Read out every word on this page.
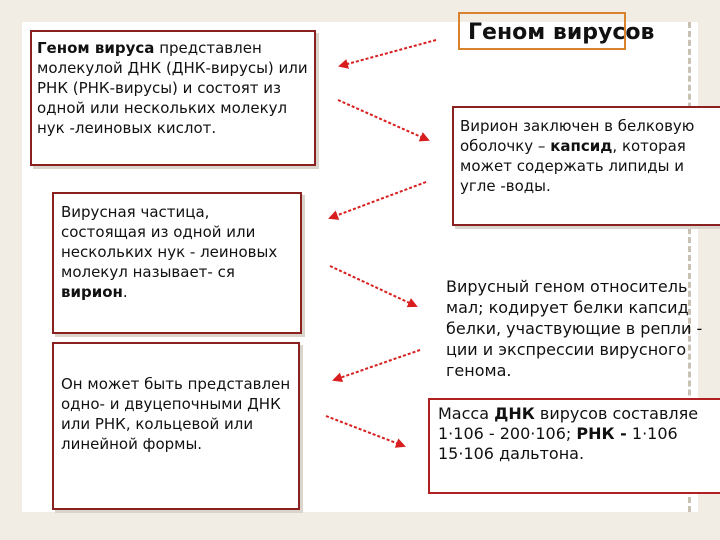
Геном вирусов

Геном вируса представлен молекулой ДНК (ДНК-вирусы) или РНК (РНК-вирусы) и состоят из одной или нескольких молекул нук -леиновых кислот.

Вирусная частица, состоящая из одной или нескольких нук - леиновых молекул называет- ся вирион.

Он может быть представлен одно- и двуцепочными ДНК или РНК, кольцевой или линейной формы.

Вирион заключен в белковую оболочку – капсид, которая может содержать липиды и угле -воды.

Вирусный геном относитель мал; кодирует белки капсид белки, участвующие в репли - ции и экспрессии вирусного генома.

Масса ДНК вирусов составляе 1·106 - 200·106; РНК - 1·106 15·106 дальтона.
